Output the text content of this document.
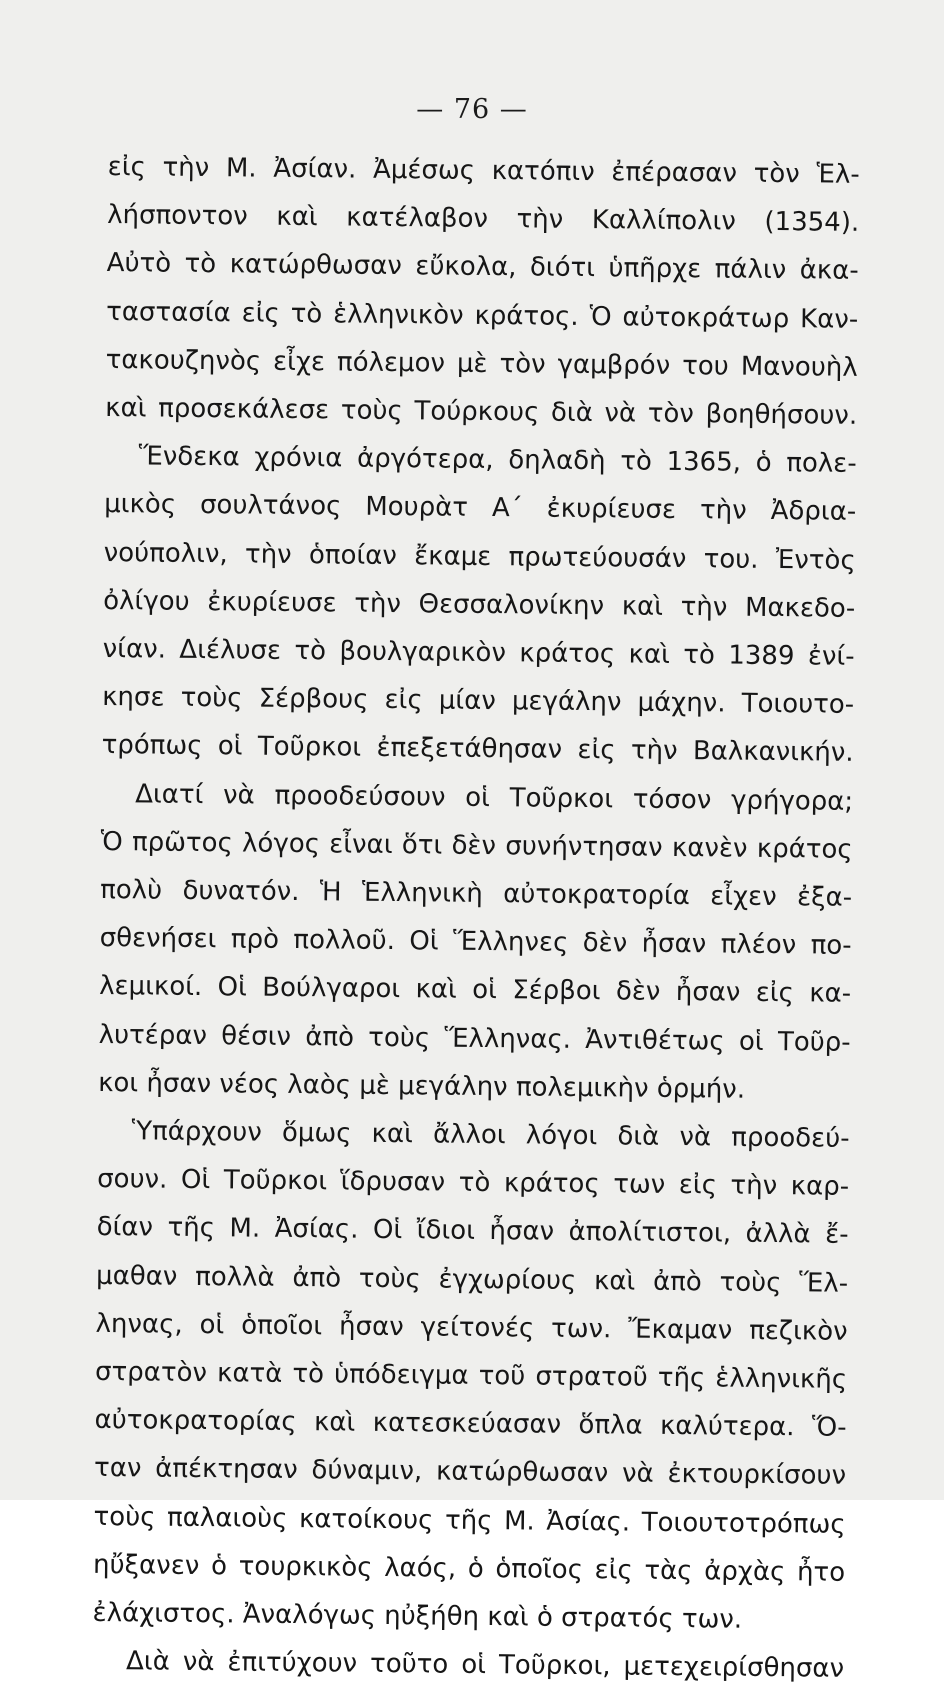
— 76 —
εἰς τὴν Μ. Ἀσίαν. Ἀμέσως κατόπιν ἐπέρασαν τὸν Ἑλ-
λήσποντον καὶ κατέλαβον τὴν Καλλίπολιν (1354).
Αὐτὸ τὸ κατώρθωσαν εὔκολα, διότι ὑπῆρχε πάλιν ἀκα-
ταστασία εἰς τὸ ἑλληνικὸν κράτος. Ὁ αὐτοκράτωρ Καν-
τακουζηνὸς εἶχε πόλεμον μὲ τὸν γαμβρόν του Μανουὴλ
καὶ προσεκάλεσε τοὺς Τούρκους διὰ νὰ τὸν βοηθήσουν.
Ἕνδεκα χρόνια ἀργότερα, δηλαδὴ τὸ 1365, ὁ πολε-
μικὸς σουλτάνος Μουρὰτ Α΄ ἐκυρίευσε τὴν Ἀδρια-
νούπολιν, τὴν ὁποίαν ἔκαμε πρωτεύουσάν του. Ἐντὸς
ὀλίγου ἐκυρίευσε τὴν Θεσσαλονίκην καὶ τὴν Μακεδο-
νίαν. Διέλυσε τὸ βουλγαρικὸν κράτος καὶ τὸ 1389 ἐνί-
κησε τοὺς Σέρβους εἰς μίαν μεγάλην μάχην. Τοιουτο-
τρόπως οἱ Τοῦρκοι ἐπεξετάθησαν εἰς τὴν Βαλκανικήν.
Διατί νὰ προοδεύσουν οἱ Τοῦρκοι τόσον γρήγορα;
Ὁ πρῶτος λόγος εἶναι ὅτι δὲν συνήντησαν κανὲν κράτος
πολὺ δυνατόν. Ἡ Ἑλληνικὴ αὐτοκρατορία εἶχεν ἐξα-
σθενήσει πρὸ πολλοῦ. Οἱ Ἕλληνες δὲν ἦσαν πλέον πο-
λεμικοί. Οἱ Βούλγαροι καὶ οἱ Σέρβοι δὲν ἦσαν εἰς κα-
λυτέραν θέσιν ἀπὸ τοὺς Ἕλληνας. Ἀντιθέτως οἱ Τοῦρ-
κοι ἦσαν νέος λαὸς μὲ μεγάλην πολεμικὴν ὁρμήν.
Ὑπάρχουν ὅμως καὶ ἄλλοι λόγοι διὰ νὰ προοδεύ-
σουν. Οἱ Τοῦρκοι ἵδρυσαν τὸ κράτος των εἰς τὴν καρ-
δίαν τῆς Μ. Ἀσίας. Οἱ ἴδιοι ἦσαν ἀπολίτιστοι, ἀλλὰ ἔ-
μαθαν πολλὰ ἀπὸ τοὺς ἐγχωρίους καὶ ἀπὸ τοὺς Ἕλ-
ληνας, οἱ ὁποῖοι ἦσαν γείτονές των. Ἔκαμαν πεζικὸν
στρατὸν κατὰ τὸ ὑπόδειγμα τοῦ στρατοῦ τῆς ἑλληνικῆς
αὐτοκρατορίας καὶ κατεσκεύασαν ὅπλα καλύτερα. Ὅ-
ταν ἀπέκτησαν δύναμιν, κατώρθωσαν νὰ ἐκτουρκίσουν
τοὺς παλαιοὺς κατοίκους τῆς Μ. Ἀσίας. Τοιουτοτρόπως
ηὔξανεν ὁ τουρκικὸς λαός, ὁ ὁποῖος εἰς τὰς ἀρχὰς ἦτο
ἐλάχιστος. Ἀναλόγως ηὐξήθη καὶ ὁ στρατός των.
Διὰ νὰ ἐπιτύχουν τοῦτο οἱ Τοῦρκοι, μετεχειρίσθησαν
